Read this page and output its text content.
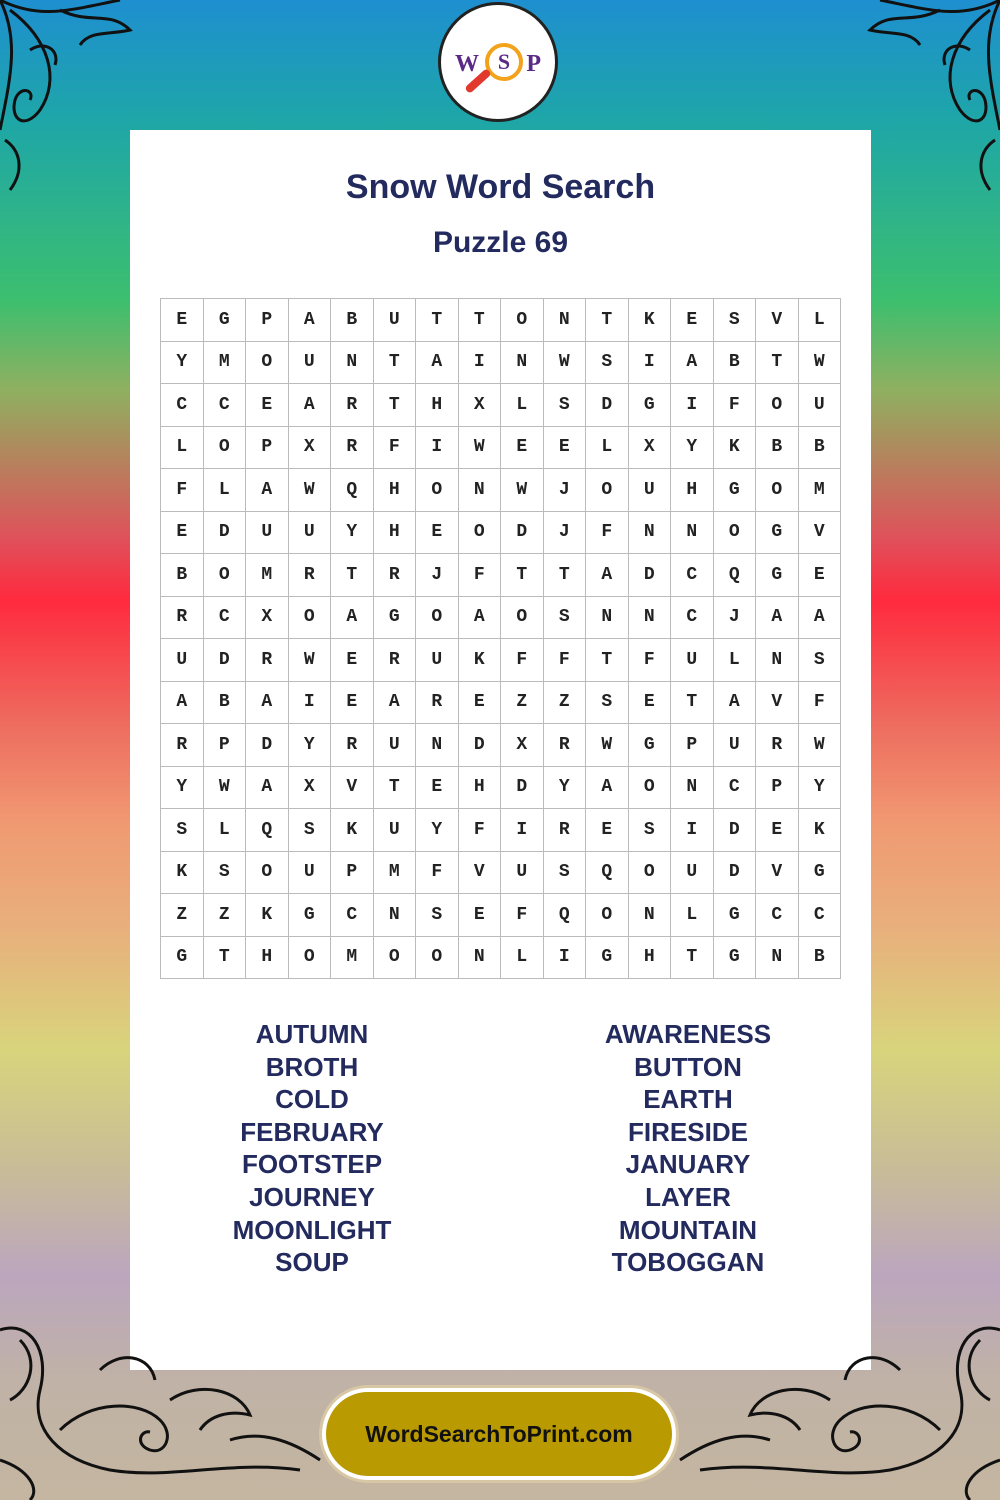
W S P
Snow Word Search
Puzzle 69
E	G	P	A	B	U	T	T	O	N	T	K	E	S	V	L
Y	M	O	U	N	T	A	I	N	W	S	I	A	B	T	W
C	C	E	A	R	T	H	X	L	S	D	G	I	F	O	U
L	O	P	X	R	F	I	W	E	E	L	X	Y	K	B	B
F	L	A	W	Q	H	O	N	W	J	O	U	H	G	O	M
E	D	U	U	Y	H	E	O	D	J	F	N	N	O	G	V
B	O	M	R	T	R	J	F	T	T	A	D	C	Q	G	E
R	C	X	O	A	G	O	A	O	S	N	N	C	J	A	A
U	D	R	W	E	R	U	K	F	F	T	F	U	L	N	S
A	B	A	I	E	A	R	E	Z	Z	S	E	T	A	V	F
R	P	D	Y	R	U	N	D	X	R	W	G	P	U	R	W
Y	W	A	X	V	T	E	H	D	Y	A	O	N	C	P	Y
S	L	Q	S	K	U	Y	F	I	R	E	S	I	D	E	K
K	S	O	U	P	M	F	V	U	S	Q	O	U	D	V	G
Z	Z	K	G	C	N	S	E	F	Q	O	N	L	G	C	C
G	T	H	O	M	O	O	N	L	I	G	H	T	G	N	B
AUTUMN
BROTH
COLD
FEBRUARY
FOOTSTEP
JOURNEY
MOONLIGHT
SOUP
AWARENESS
BUTTON
EARTH
FIRESIDE
JANUARY
LAYER
MOUNTAIN
TOBOGGAN
WordSearchToPrint.com
